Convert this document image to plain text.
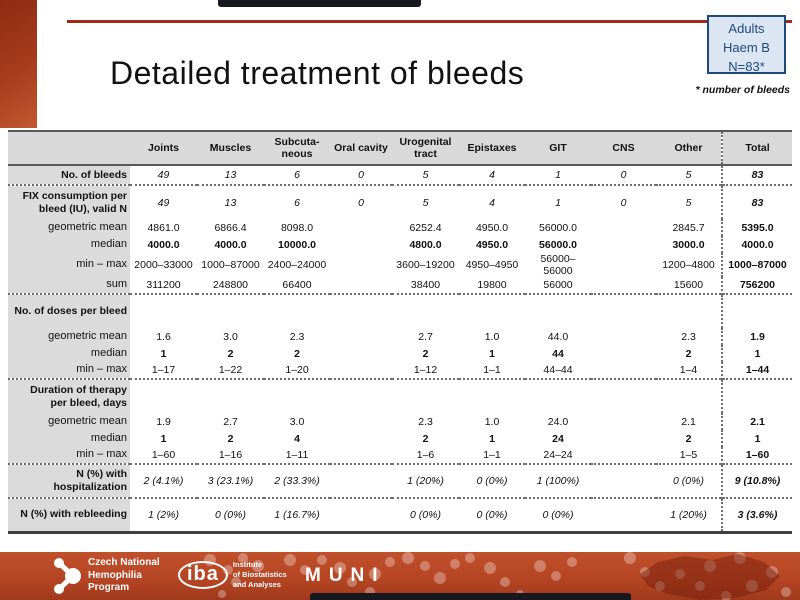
Detailed treatment of bleeds
Adults
Haem B
N=83*
* number of bleeds
	Joints	Muscles	Subcuta- neous	Oral cavity	Urogenital tract	Epistaxes	GIT	CNS	Other	Total
No. of bleeds	49	13	6	0	5	4	1	0	5	83
FIX consumption per bleed (IU), valid N	49	13	6	0	5	4	1	0	5	83
geometric mean	4861.0	6866.4	8098.0		6252.4	4950.0	56000.0		2845.7	5395.0
median	4000.0	4000.0	10000.0		4800.0	4950.0	56000.0		3000.0	4000.0
min – max	2000–33000	1000–87000	2400–24000		3600–19200	4950–4950	56000–56000		1200–4800	1000–87000
sum	311200	248800	66400		38400	19800	56000		15600	756200
No. of doses per bleed										
geometric mean	1.6	3.0	2.3		2.7	1.0	44.0		2.3	1.9
median	1	2	2		2	1	44		2	1
min – max	1–17	1–22	1–20		1–12	1–1	44–44		1–4	1–44
Duration of therapy per bleed, days										
geometric mean	1.9	2.7	3.0		2.3	1.0	24.0		2.1	2.1
median	1	2	4		2	1	24		2	1
min – max	1–60	1–16	1–11		1–6	1–1	24–24		1–5	1–60
N (%) with hospitalization	2 (4.1%)	3 (23.1%)	2 (33.3%)		1 (20%)	0 (0%)	1 (100%)		0 (0%)	9 (10.8%)
N (%) with rebleeding	1 (2%)	0 (0%)	1 (16.7%)		0 (0%)	0 (0%)	0 (0%)		1 (20%)	3 (3.6%)
Czech National
Hemophilia
Program
iba	Institute
of Biostatistics
and Analyses MUNI
